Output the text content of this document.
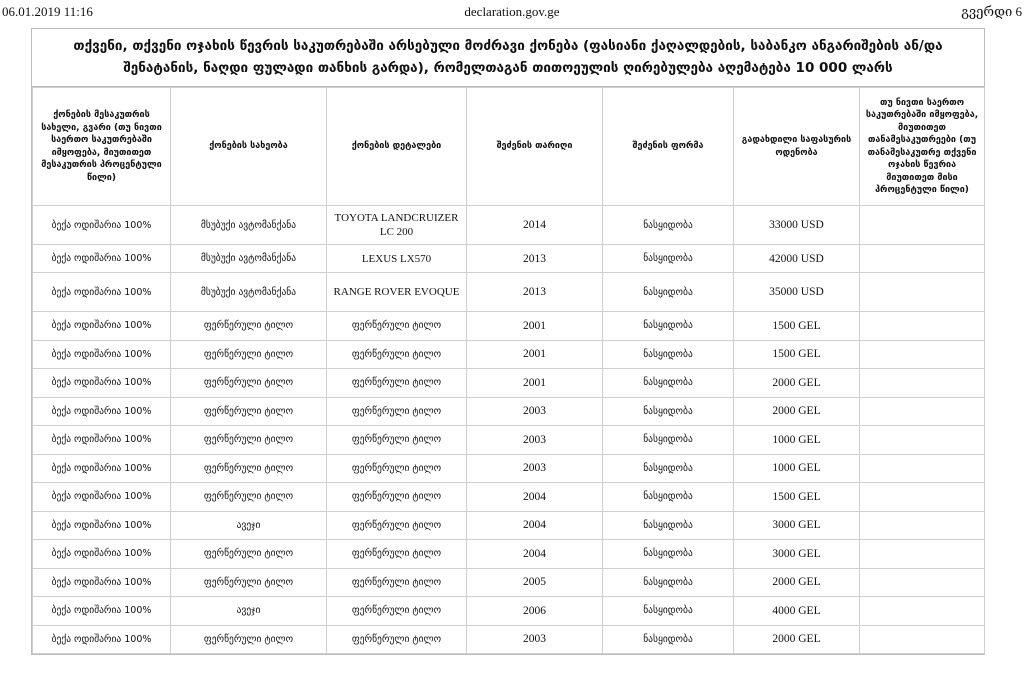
06.01.2019 11:16	declaration.gov.ge	გვერდი 6
თქვენი, თქვენი ოჯახის წევრის საკუთრებაში არსებული მოძრავი ქონება (ფასიანი ქაღალდების, საბანკო ანგარიშების ან/და შენატანის, ნაღდი ფულადი თანხის გარდა), რომელთაგან თითოეულის ღირებულება აღემატება 10 000 ლარს
ქონების მესაკუთრის სახელი, გვარი (თუ ნივთი საერთო საკუთრებაში იმყოფება, მიუთითეთ მესაკუთრის პროცენტული წილი)	ქონების სახეობა	ქონების დეტალები	შეძენის თარიღი	შეძენის ფორმა	გადახდილი საფასურის ოდენობა	თუ ნივთი საერთო საკუთრებაში იმყოფება, მიუთითეთ თანამესაკუთრეები (თუ თანამესაკუთრე თქვენი ოჯახის წევრია მიუთითეთ მისი პროცენტული წილი)
ბექა ოდიშარია 100%	მსუბუქი ავტომანქანა	TOYOTA LANDCRUIZER LC 200	2014	ნასყიდობა	33000 USD	
ბექა ოდიშარია 100%	მსუბუქი ავტომანქანა	LEXUS LX570	2013	ნასყიდობა	42000 USD	
ბექა ოდიშარია 100%	მსუბუქი ავტომანქანა	RANGE ROVER EVOQUE	2013	ნასყიდობა	35000 USD	
ბექა ოდიშარია 100%	ფერწერული ტილო	ფერწერული ტილო	2001	ნასყიდობა	1500 GEL	
ბექა ოდიშარია 100%	ფერწერული ტილო	ფერწერული ტილო	2001	ნასყიდობა	1500 GEL	
ბექა ოდიშარია 100%	ფერწერული ტილო	ფერწერული ტილო	2001	ნასყიდობა	2000 GEL	
ბექა ოდიშარია 100%	ფერწერული ტილო	ფერწერული ტილო	2003	ნასყიდობა	2000 GEL	
ბექა ოდიშარია 100%	ფერწერული ტილო	ფერწერული ტილო	2003	ნასყიდობა	1000 GEL	
ბექა ოდიშარია 100%	ფერწერული ტილო	ფერწერული ტილო	2003	ნასყიდობა	1000 GEL	
ბექა ოდიშარია 100%	ფერწერული ტილო	ფერწერული ტილო	2004	ნასყიდობა	1500 GEL	
ბექა ოდიშარია 100%	ავეჯი	ფერწერული ტილო	2004	ნასყიდობა	3000 GEL	
ბექა ოდიშარია 100%	ფერწერული ტილო	ფერწერული ტილო	2004	ნასყიდობა	3000 GEL	
ბექა ოდიშარია 100%	ფერწერული ტილო	ფერწერული ტილო	2005	ნასყიდობა	2000 GEL	
ბექა ოდიშარია 100%	ავეჯი	ფერწერული ტილო	2006	ნასყიდობა	4000 GEL	
ბექა ოდიშარია 100%	ფერწერული ტილო	ფერწერული ტილო	2003	ნასყიდობა	2000 GEL	
